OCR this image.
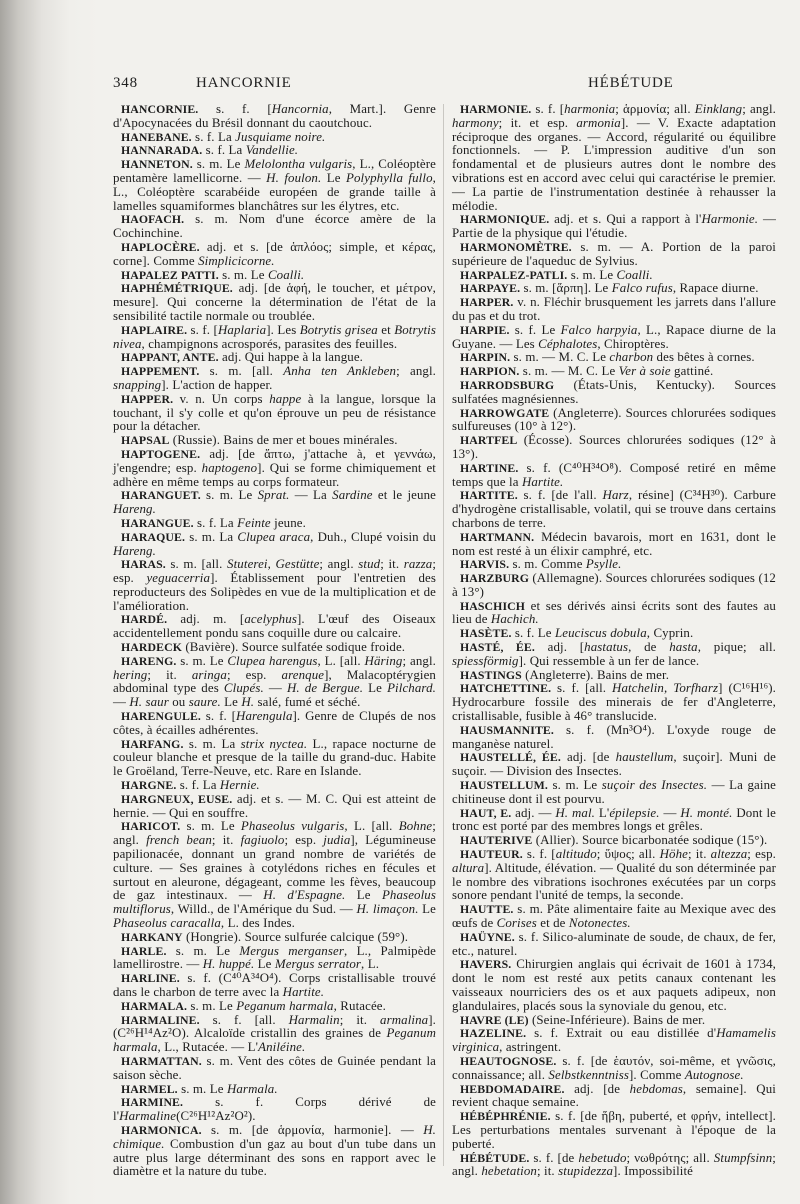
348	HANCORNIE	HÉBÉTUDE
HANCORNIE. s. f. [Hancornia, Mart.]. Genre d'Apocynacées du Brésil donnant du caoutchouc.
HANEBANE. s. f. La Jusquiame noire.
HANNARADA. s. f. La Vandellie.
HANNETON. s. m. Le Melolontha vulgaris, L., Coléoptère pentamère lamellicorne. — H. foulon. Le Polyphylla fullo, L., Coléoptère scarabéide européen de grande taille à lamelles squamiformes blanchâtres sur les élytres, etc.
HAOFACH. s. m. Nom d'une écorce amère de la Cochinchine.
HAPLOCÈRE. adj. et s. [de ἁπλόος; simple, et κέρας, corne]. Comme Simplicicorne.
HAPALEZ PATTI. s. m. Le Coalli.
HAPHÉMÉTRIQUE. adj. [de ἁφή, le toucher, et μέτρον, mesure]. Qui concerne la détermination de l'état de la sensibilité tactile normale ou troublée.
HAPLAIRE. s. f. [Haplaria]. Les Botrytis grisea et Botrytis nivea, champignons acrosporés, parasites des feuilles.
HAPPANT, ANTE. adj. Qui happe à la langue.
HAPPEMENT. s. m. [all. Anha ten Ankleben; angl. snapping]. L'action de happer.
HAPPER. v. n. Un corps happe à la langue, lorsque la touchant, il s'y colle et qu'on éprouve un peu de résistance pour la détacher.
HAPSAL (Russie). Bains de mer et boues minérales.
HAPTOGENE. adj. [de ἅπτω, j'attache à, et γεννάω, j'engendre; esp. haptogeno]. Qui se forme chimiquement et adhère en même temps au corps formateur.
HARANGUET. s. m. Le Sprat. — La Sardine et le jeune Hareng.
HARANGUE. s. f. La Feinte jeune.
HARAQUE. s. m. La Clupea araca, Duh., Clupé voisin du Hareng.
HARAS. s. m. [all. Stuterei, Gestütte; angl. stud; it. razza; esp. yeguacerria]. Établissement pour l'entretien des reproducteurs des Solipèdes en vue de la multiplication et de l'amélioration.
HARDÉ. adj. m. [acelyphus]. L'œuf des Oiseaux accidentellement pondu sans coquille dure ou calcaire.
HARDECK (Bavière). Source sulfatée sodique froide.
HARENG. s. m. Le Clupea harengus, L. [all. Häring; angl. hering; it. aringa; esp. arenque], Malacoptérygien abdominal type des Clupés. — H. de Bergue. Le Pilchard. — H. saur ou saure. Le H. salé, fumé et séché.
HARENGULE. s. f. [Harengula]. Genre de Clupés de nos côtes, à écailles adhérentes.
HARFANG. s. m. La strix nyctea. L., rapace nocturne de couleur blanche et presque de la taille du grand-duc. Habite le Groëland, Terre-Neuve, etc. Rare en Islande.
HARGNE. s. f. La Hernie.
HARGNEUX, EUSE. adj. et s. — M. C. Qui est atteint de hernie. — Qui en souffre.
HARICOT. s. m. Le Phaseolus vulgaris, L. [all. Bohne; angl. french bean; it. fagiuolo; esp. judia], Légumineuse papilionacée, donnant un grand nombre de variétés de culture. — Ses graines à cotylédons riches en fécules et surtout en aleurone, dégageant, comme les fèves, beaucoup de gaz intestinaux. — H. d'Espagne. Le Phaseolus multiflorus, Willd., de l'Amérique du Sud. — H. limaçon. Le Phaseolus caracalla, L. des Indes.
HARKANY (Hongrie). Source sulfurée calcique (59°).
HARLE. s. m. Le Mergus merganser, L., Palmipède lamellirostre. — H. huppé. Le Mergus serrator, L.
HARLINE. s. f. (C⁴⁰A³⁴O⁴). Corps cristallisable trouvé dans le charbon de terre avec la Hartite.
HARMALA. s. m. Le Peganum harmala, Rutacée.
HARMALINE. s. f. [all. Harmalin; it. armalina]. (C²⁶H¹⁴Az²O). Alcaloïde cristallin des graines de Peganum harmala, L., Rutacée. — L'Aniléine.
HARMATTAN. s. m. Vent des côtes de Guinée pendant la saison sèche.
HARMEL. s. m. Le Harmala.
HARMINE. s. f. Corps dérivé de l'Harmaline(C²⁶H¹²Az²O²).
HARMONICA. s. m. [de ἁρμονία, harmonie]. — H. chimique. Combustion d'un gaz au bout d'un tube dans un autre plus large déterminant des sons en rapport avec le diamètre et la nature du tube.
HARMONIE. s. f. [harmonia; ἁρμονία; all. Einklang; angl. harmony; it. et esp. armonia]. — V. Exacte adaptation réciproque des organes. — Accord, régularité ou équilibre fonctionnels. — P. L'impression auditive d'un son fondamental et de plusieurs autres dont le nombre des vibrations est en accord avec celui qui caractérise le premier. — La partie de l'instrumentation destinée à rehausser la mélodie.
HARMONIQUE. adj. et s. Qui a rapport à l'Harmonie. — Partie de la physique qui l'étudie.
HARMONOMÈTRE. s. m. — A. Portion de la paroi supérieure de l'aqueduc de Sylvius.
HARPALEZ-PATLI. s. m. Le Coalli.
HARPAYE. s. m. [ἅρπη]. Le Falco rufus, Rapace diurne.
HARPER. v. n. Fléchir brusquement les jarrets dans l'allure du pas et du trot.
HARPIE. s. f. Le Falco harpyia, L., Rapace diurne de la Guyane. — Les Céphalotes, Chiroptères.
HARPIN. s. m. — M. C. Le charbon des bêtes à cornes.
HARPION. s. m. — M. C. Le Ver à soie gattiné.
HARRODSBURG (États-Unis, Kentucky). Sources sulfatées magnésiennes.
HARROWGATE (Angleterre). Sources chlorurées sodiques sulfureuses (10° à 12°).
HARTFEL (Écosse). Sources chlorurées sodiques (12° à 13°).
HARTINE. s. f. (C⁴⁰H³⁴O⁸). Composé retiré en même temps que la Hartite.
HARTITE. s. f. [de l'all. Harz, résine] (C³⁴H³⁰). Carbure d'hydrogène cristallisable, volatil, qui se trouve dans certains charbons de terre.
HARTMANN. Médecin bavarois, mort en 1631, dont le nom est resté à un élixir camphré, etc.
HARVIS. s. m. Comme Psylle.
HARZBURG (Allemagne). Sources chlorurées sodiques (12 à 13°)
HASCHICH et ses dérivés ainsi écrits sont des fautes au lieu de Hachich.
HASÈTE. s. f. Le Leuciscus dobula, Cyprin.
HASTÉ, ÉE. adj. [hastatus, de hasta, pique; all. spiessförmig]. Qui ressemble à un fer de lance.
HASTINGS (Angleterre). Bains de mer.
HATCHETTINE. s. f. [all. Hatchelin, Torfharz] (C¹⁶H¹⁶). Hydrocarbure fossile des minerais de fer d'Angleterre, cristallisable, fusible à 46° translucide.
HAUSMANNITE. s. f. (Mn³O⁴). L'oxyde rouge de manganèse naturel.
HAUSTELLÉ, ÉE. adj. [de haustellum, suçoir]. Muni de suçoir. — Division des Insectes.
HAUSTELLUM. s. m. Le suçoir des Insectes. — La gaine chitineuse dont il est pourvu.
HAUT, E. adj. — H. mal. L'épilepsie. — H. monté. Dont le tronc est porté par des membres longs et grêles.
HAUTERIVE (Allier). Source bicarbonatée sodique (15°).
HAUTEUR. s. f. [altitudo; ὕψος; all. Höhe; it. altezza; esp. altura]. Altitude, élévation. — Qualité du son déterminée par le nombre des vibrations isochrones exécutées par un corps sonore pendant l'unité de temps, la seconde.
HAUTTE. s. m. Pâte alimentaire faite au Mexique avec des œufs de Corises et de Notonectes.
HAÜYNE. s. f. Silico-aluminate de soude, de chaux, de fer, etc., naturel.
HAVERS. Chirurgien anglais qui écrivait de 1601 à 1734, dont le nom est resté aux petits canaux contenant les vaisseaux nourriciers des os et aux paquets adipeux, non glandulaires, placés sous la synoviale du genou, etc.
HAVRE (LE) (Seine-Inférieure). Bains de mer.
HAZELINE. s. f. Extrait ou eau distillée d'Hamamelis virginica, astringent.
HEAUTOGNOSE. s. f. [de ἑαυτόν, soi-même, et γνῶσις, connaissance; all. Selbstkenntniss]. Comme Autognose.
HEBDOMADAIRE. adj. [de hebdomas, semaine]. Qui revient chaque semaine.
HÉBÉPHRÉNIE. s. f. [de ἥβη, puberté, et φρήν, intellect]. Les perturbations mentales survenant à l'époque de la puberté.
HÉBÉTUDE. s. f. [de hebetudo; νωθρότης; all. Stumpfsinn; angl. hebetation; it. stupidezza]. Impossibilité
